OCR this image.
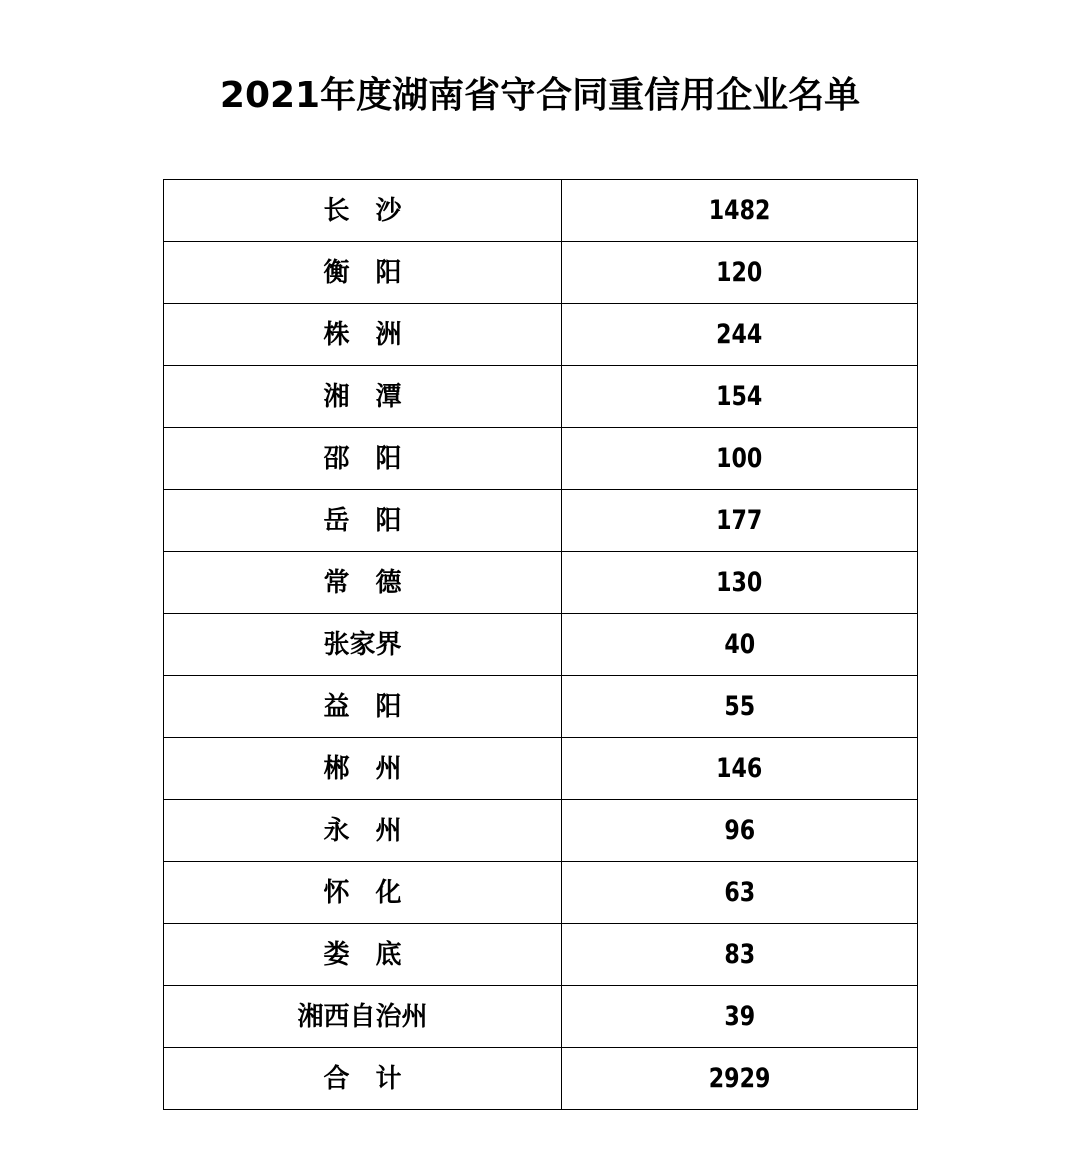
2021年度湖南省守合同重信用企业名单
长　沙	1482
衡　阳	120
株　洲	244
湘　潭	154
邵　阳	100
岳　阳	177
常　德	130
张家界	40
益　阳	55
郴　州	146
永　州	96
怀　化	63
娄　底	83
湘西自治州	39
合　计	2929
